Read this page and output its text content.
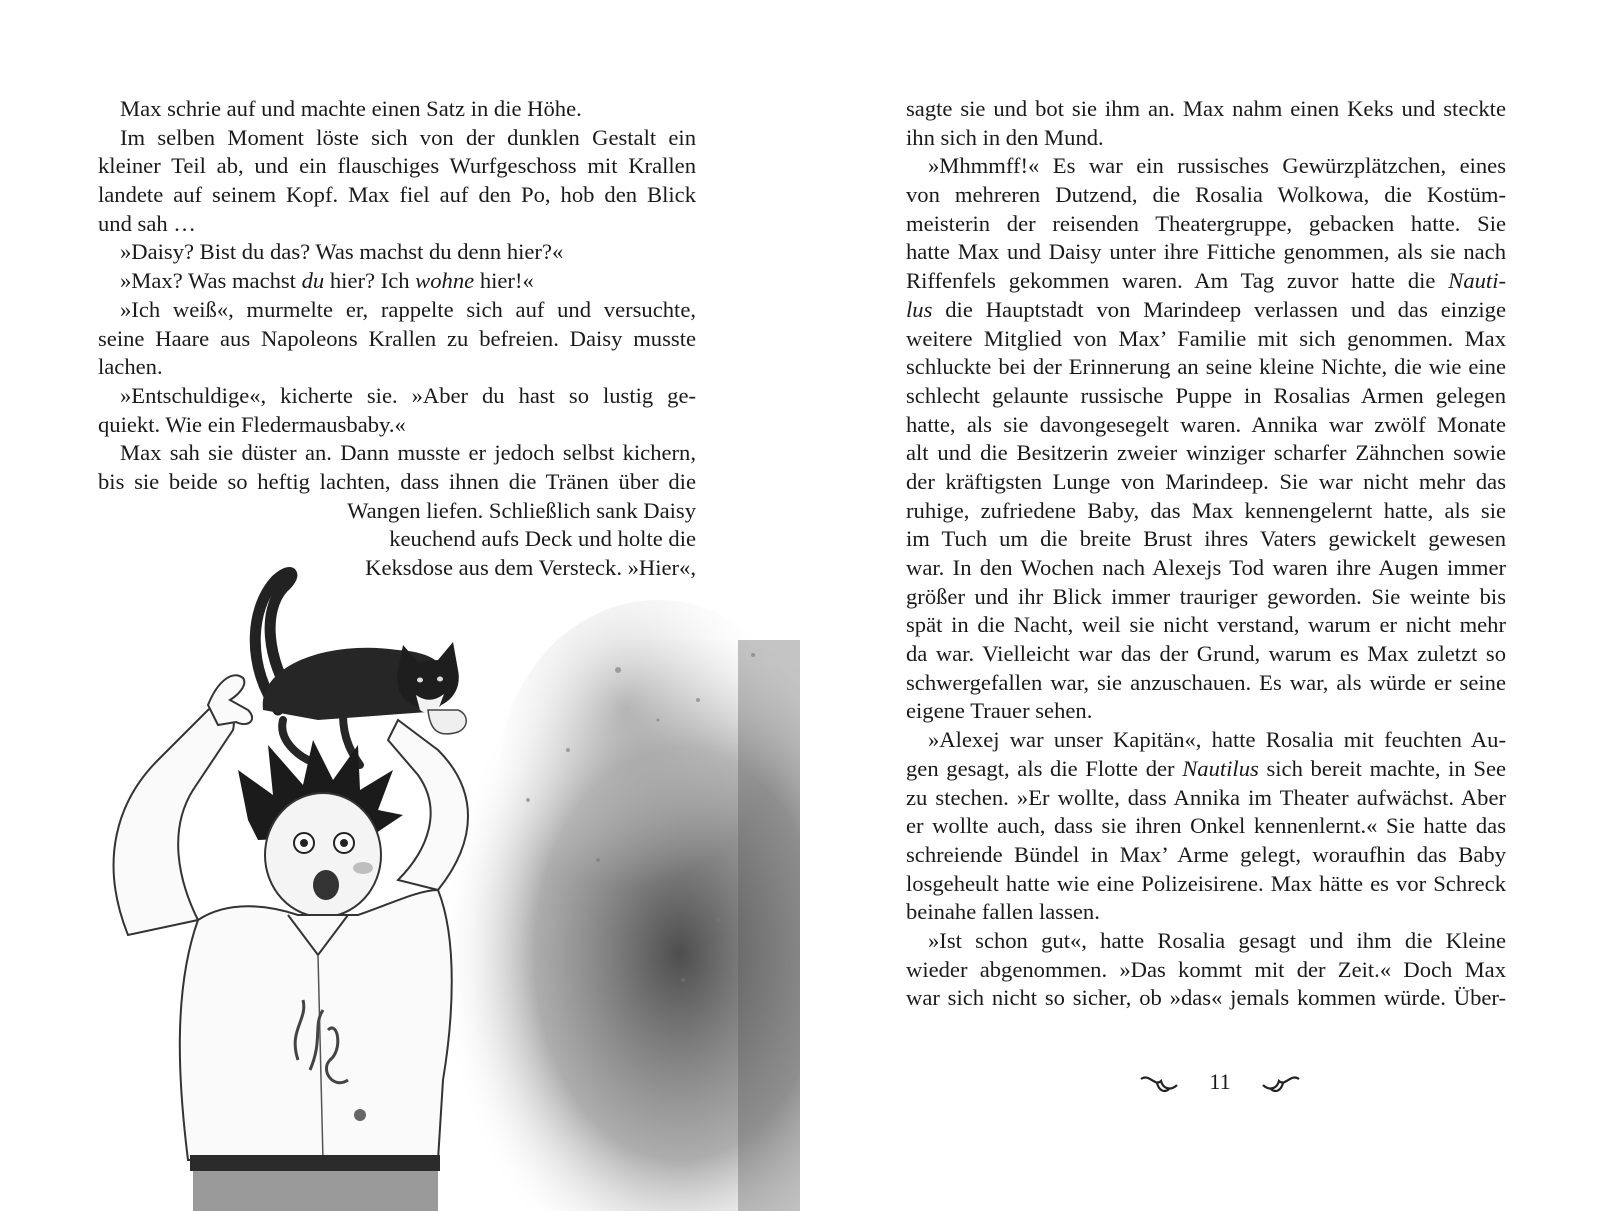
Max schrie auf und machte einen Satz in die Höhe.
Im selben Moment löste sich von der dunklen Gestalt ein
kleiner Teil ab, und ein flauschiges Wurfgeschoss mit Krallen
landete auf seinem Kopf. Max fiel auf den Po, hob den Blick
und sah …
»Daisy? Bist du das? Was machst du denn hier?«
»Max? Was machst du hier? Ich wohne hier!«
»Ich weiß«, murmelte er, rappelte sich auf und versuchte,
seine Haare aus Napoleons Krallen zu befreien. Daisy musste
lachen.
»Entschuldige«, kicherte sie. »Aber du hast so lustig ge-
quiekt. Wie ein Fledermausbaby.«
Max sah sie düster an. Dann musste er jedoch selbst kichern,
bis sie beide so heftig lachten, dass ihnen die Tränen über die
Wangen liefen. Schließlich sank Daisy
keuchend aufs Deck und holte die
Keksdose aus dem Versteck. »Hier«,
sagte sie und bot sie ihm an. Max nahm einen Keks und steckte
ihn sich in den Mund.
»Mhmmff!« Es war ein russisches Gewürzplätzchen, eines
von mehreren Dutzend, die Rosalia Wolkowa, die Kostüm-
meisterin der reisenden Theatergruppe, gebacken hatte. Sie
hatte Max und Daisy unter ihre Fittiche genommen, als sie nach
Riffenfels gekommen waren. Am Tag zuvor hatte die Nauti-
lus die Hauptstadt von Marindeep verlassen und das einzige
weitere Mitglied von Max’ Familie mit sich genommen. Max
schluckte bei der Erinnerung an seine kleine Nichte, die wie eine
schlecht gelaunte russische Puppe in Rosalias Armen gelegen
hatte, als sie davongesegelt waren. Annika war zwölf Monate
alt und die Besitzerin zweier winziger scharfer Zähnchen sowie
der kräftigsten Lunge von Marindeep. Sie war nicht mehr das
ruhige, zufriedene Baby, das Max kennengelernt hatte, als sie
im Tuch um die breite Brust ihres Vaters gewickelt gewesen
war. In den Wochen nach Alexejs Tod waren ihre Augen immer
größer und ihr Blick immer trauriger geworden. Sie weinte bis
spät in die Nacht, weil sie nicht verstand, warum er nicht mehr
da war. Vielleicht war das der Grund, warum es Max zuletzt so
schwergefallen war, sie anzuschauen. Es war, als würde er seine
eigene Trauer sehen.
»Alexej war unser Kapitän«, hatte Rosalia mit feuchten Au-
gen gesagt, als die Flotte der Nautilus sich bereit machte, in See
zu stechen. »Er wollte, dass Annika im Theater aufwächst. Aber
er wollte auch, dass sie ihren Onkel kennenlernt.« Sie hatte das
schreiende Bündel in Max’ Arme gelegt, woraufhin das Baby
losgeheult hatte wie eine Polizeisirene. Max hätte es vor Schreck
beinahe fallen lassen.
»Ist schon gut«, hatte Rosalia gesagt und ihm die Kleine
wieder abgenommen. »Das kommt mit der Zeit.« Doch Max
war sich nicht so sicher, ob »das« jemals kommen würde. Über-
11
